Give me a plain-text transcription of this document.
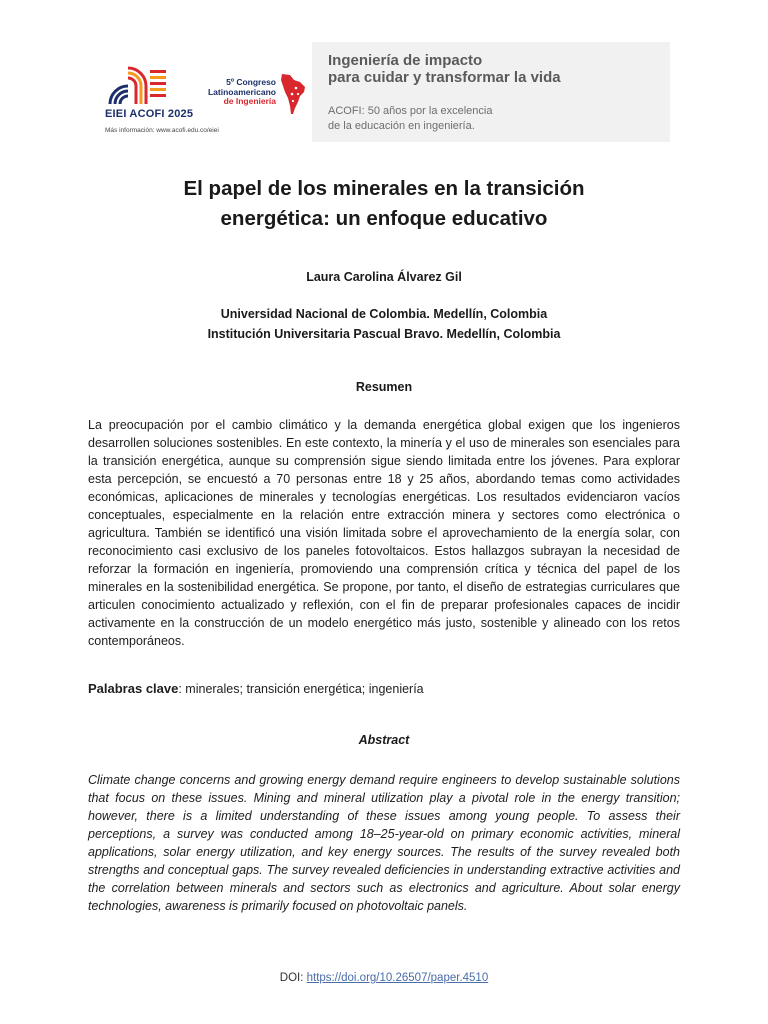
EIEI ACOFI 2025
Más información: www.acofi.edu.co/eiei
5º Congreso
Latinoamericano
de Ingeniería
Ingeniería de impacto
para cuidar y transformar la vida
ACOFI: 50 años por la excelencia
de la educación en ingeniería.
El papel de los minerales en la transición
energética: un enfoque educativo
Laura Carolina Álvarez Gil
Universidad Nacional de Colombia. Medellín, Colombia
Institución Universitaria Pascual Bravo. Medellín, Colombia
Resumen
La preocupación por el cambio climático y la demanda energética global exigen que los ingenieros desarrollen soluciones sostenibles. En este contexto, la minería y el uso de minerales son esenciales para la transición energética, aunque su comprensión sigue siendo limitada entre los jóvenes. Para explorar esta percepción, se encuestó a 70 personas entre 18 y 25 años, abordando temas como actividades económicas, aplicaciones de minerales y tecnologías energéticas. Los resultados evidenciaron vacíos conceptuales, especialmente en la relación entre extracción minera y sectores como electrónica o agricultura. También se identificó una visión limitada sobre el aprovechamiento de la energía solar, con reconocimiento casi exclusivo de los paneles fotovoltaicos. Estos hallazgos subrayan la necesidad de reforzar la formación en ingeniería, promoviendo una comprensión crítica y técnica del papel de los minerales en la sostenibilidad energética. Se propone, por tanto, el diseño de estrategias curriculares que articulen conocimiento actualizado y reflexión, con el fin de preparar profesionales capaces de incidir activamente en la construcción de un modelo energético más justo, sostenible y alineado con los retos contemporáneos.
Palabras clave: minerales; transición energética; ingeniería
Abstract
Climate change concerns and growing energy demand require engineers to develop sustainable solutions that focus on these issues. Mining and mineral utilization play a pivotal role in the energy transition; however, there is a limited understanding of these issues among young people. To assess their perceptions, a survey was conducted among 18–25-year-old on primary economic activities, mineral applications, solar energy utilization, and key energy sources. The results of the survey revealed both strengths and conceptual gaps. The survey revealed deficiencies in understanding extractive activities and the correlation between minerals and sectors such as electronics and agriculture. About solar energy technologies, awareness is primarily focused on photovoltaic panels.
DOI: https://doi.org/10.26507/paper.4510
